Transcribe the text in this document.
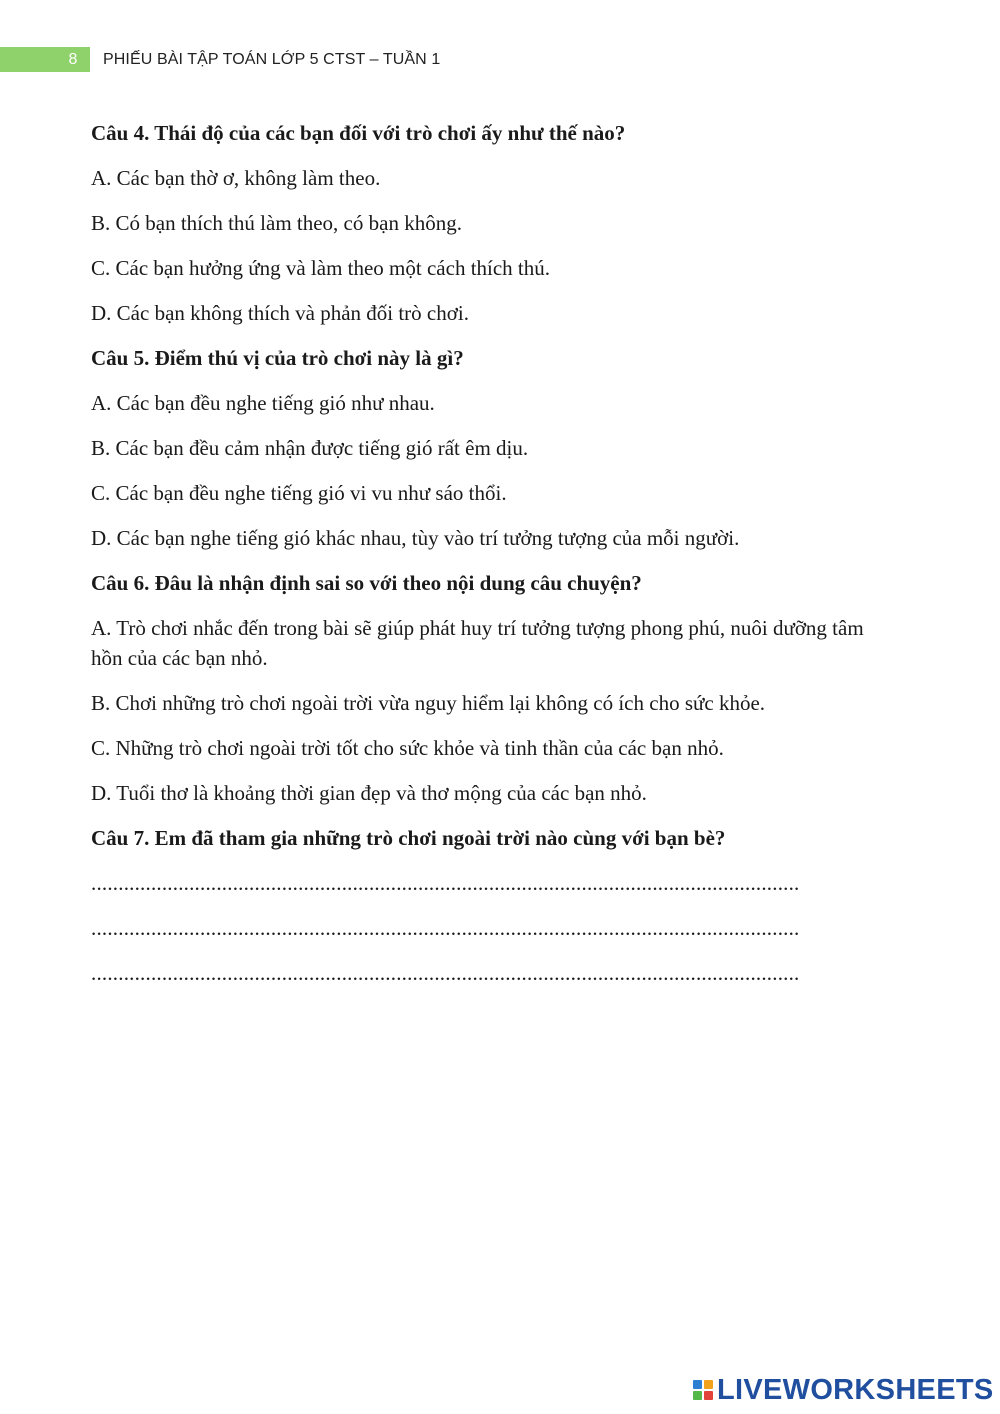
8	PHIẾU BÀI TẬP TOÁN LỚP 5 CTST – TUẦN 1

Câu 4. Thái độ của các bạn đối với trò chơi ấy như thế nào?

A. Các bạn thờ ơ, không làm theo.

B. Có bạn thích thú làm theo, có bạn không.

C. Các bạn hưởng ứng và làm theo một cách thích thú.

D. Các bạn không thích và phản đối trò chơi.

Câu 5. Điểm thú vị của trò chơi này là gì?

A. Các bạn đều nghe tiếng gió như nhau.

B. Các bạn đều cảm nhận được tiếng gió rất êm dịu.

C. Các bạn đều nghe tiếng gió vi vu như sáo thổi.

D. Các bạn nghe tiếng gió khác nhau, tùy vào trí tưởng tượng của mỗi người.

Câu 6. Đâu là nhận định sai so với theo nội dung câu chuyện?

A. Trò chơi nhắc đến trong bài sẽ giúp phát huy trí tưởng tượng phong phú, nuôi dưỡng tâm hồn của các bạn nhỏ.

B. Chơi những trò chơi ngoài trời vừa nguy hiểm lại không có ích cho sức khỏe.

C. Những trò chơi ngoài trời tốt cho sức khỏe và tinh thần của các bạn nhỏ.

D. Tuổi thơ là khoảng thời gian đẹp và thơ mộng của các bạn nhỏ.

Câu 7. Em đã tham gia những trò chơi ngoài trời nào cùng với bạn bè?

..................................................................................................................................

..................................................................................................................................

..................................................................................................................................

LIVEWORKSHEETS
